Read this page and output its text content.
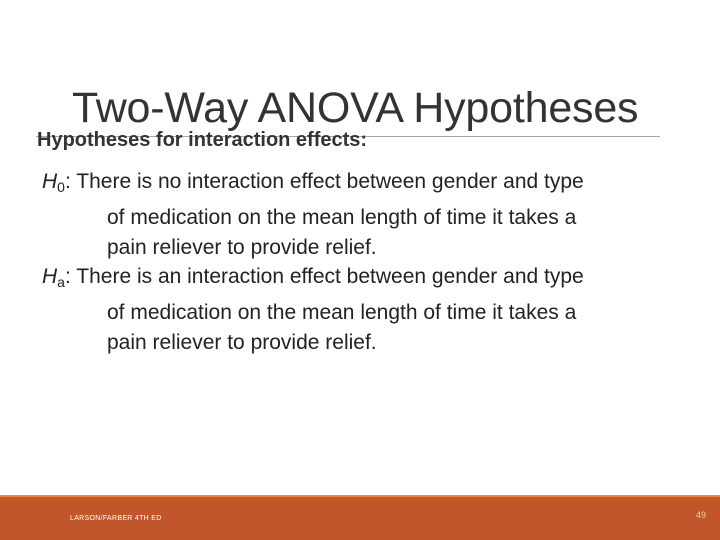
Two-Way ANOVA Hypotheses
Hypotheses for interaction effects:
$H_0$: There is no interaction effect between gender and type
of medication on the mean length of time it takes a
pain reliever to provide relief.
$H_a$: There is an interaction effect between gender and type
of medication on the mean length of time it takes a
pain reliever to provide relief.
LARSON/FARBER 4TH ED	49
